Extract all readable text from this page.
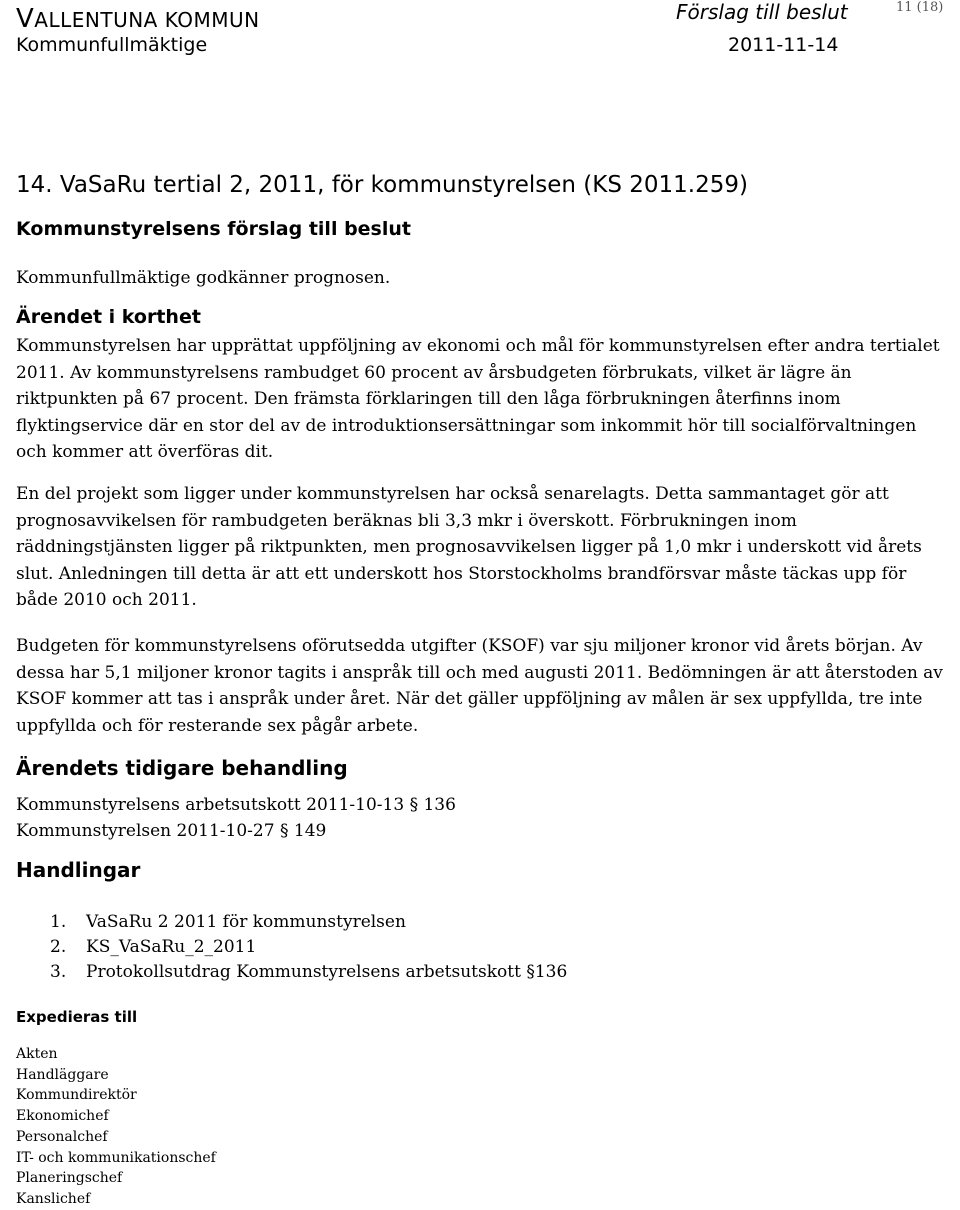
VALLENTUNA KOMMUN
Kommunfullmäktige
Förslag till beslut
2011-11-14
11 (18)
14. VaSaRu tertial 2, 2011, för kommunstyrelsen (KS 2011.259)
Kommunstyrelsens förslag till beslut

Kommunfullmäktige godkänner prognosen.

Ärendet i korthet

Kommunstyrelsen har upprättat uppföljning av ekonomi och mål för kommunstyrelsen efter andra tertialet 2011. Av kommunstyrelsens rambudget 60 procent av årsbudgeten förbrukats, vilket är lägre än riktpunkten på 67 procent. Den främsta förklaringen till den låga förbrukningen återfinns inom flyktingservice där en stor del av de introduktionsersättningar som inkommit hör till socialförvaltningen och kommer att överföras dit.

En del projekt som ligger under kommunstyrelsen har också senarelagts. Detta sammantaget gör att prognosavvikelsen för rambudgeten beräknas bli 3,3 mkr i överskott. Förbrukningen inom räddningstjänsten ligger på riktpunkten, men prognosavvikelsen ligger på 1,0 mkr i underskott vid årets slut. Anledningen till detta är att ett underskott hos Storstockholms brandförsvar måste täckas upp för både 2010 och 2011.

Budgeten för kommunstyrelsens oförutsedda utgifter (KSOF) var sju miljoner kronor vid årets början. Av dessa har 5,1 miljoner kronor tagits i anspråk till och med augusti 2011. Bedömningen är att återstoden av KSOF kommer att tas i anspråk under året. När det gäller uppföljning av målen är sex uppfyllda, tre inte uppfyllda och för resterande sex pågår arbete.

Ärendets tidigare behandling

Kommunstyrelsens arbetsutskott 2011-10-13 § 136

Kommunstyrelsen 2011-10-27 § 149

Handlingar
1.	VaSaRu 2 2011 för kommunstyrelsen
2.	KS_VaSaRu_2_2011
3.	Protokollsutdrag Kommunstyrelsens arbetsutskott §136
Expedieras till
Akten
Handläggare
Kommundirektör
Ekonomichef
Personalchef
IT- och kommunikationschef
Planeringschef
Kanslichef
